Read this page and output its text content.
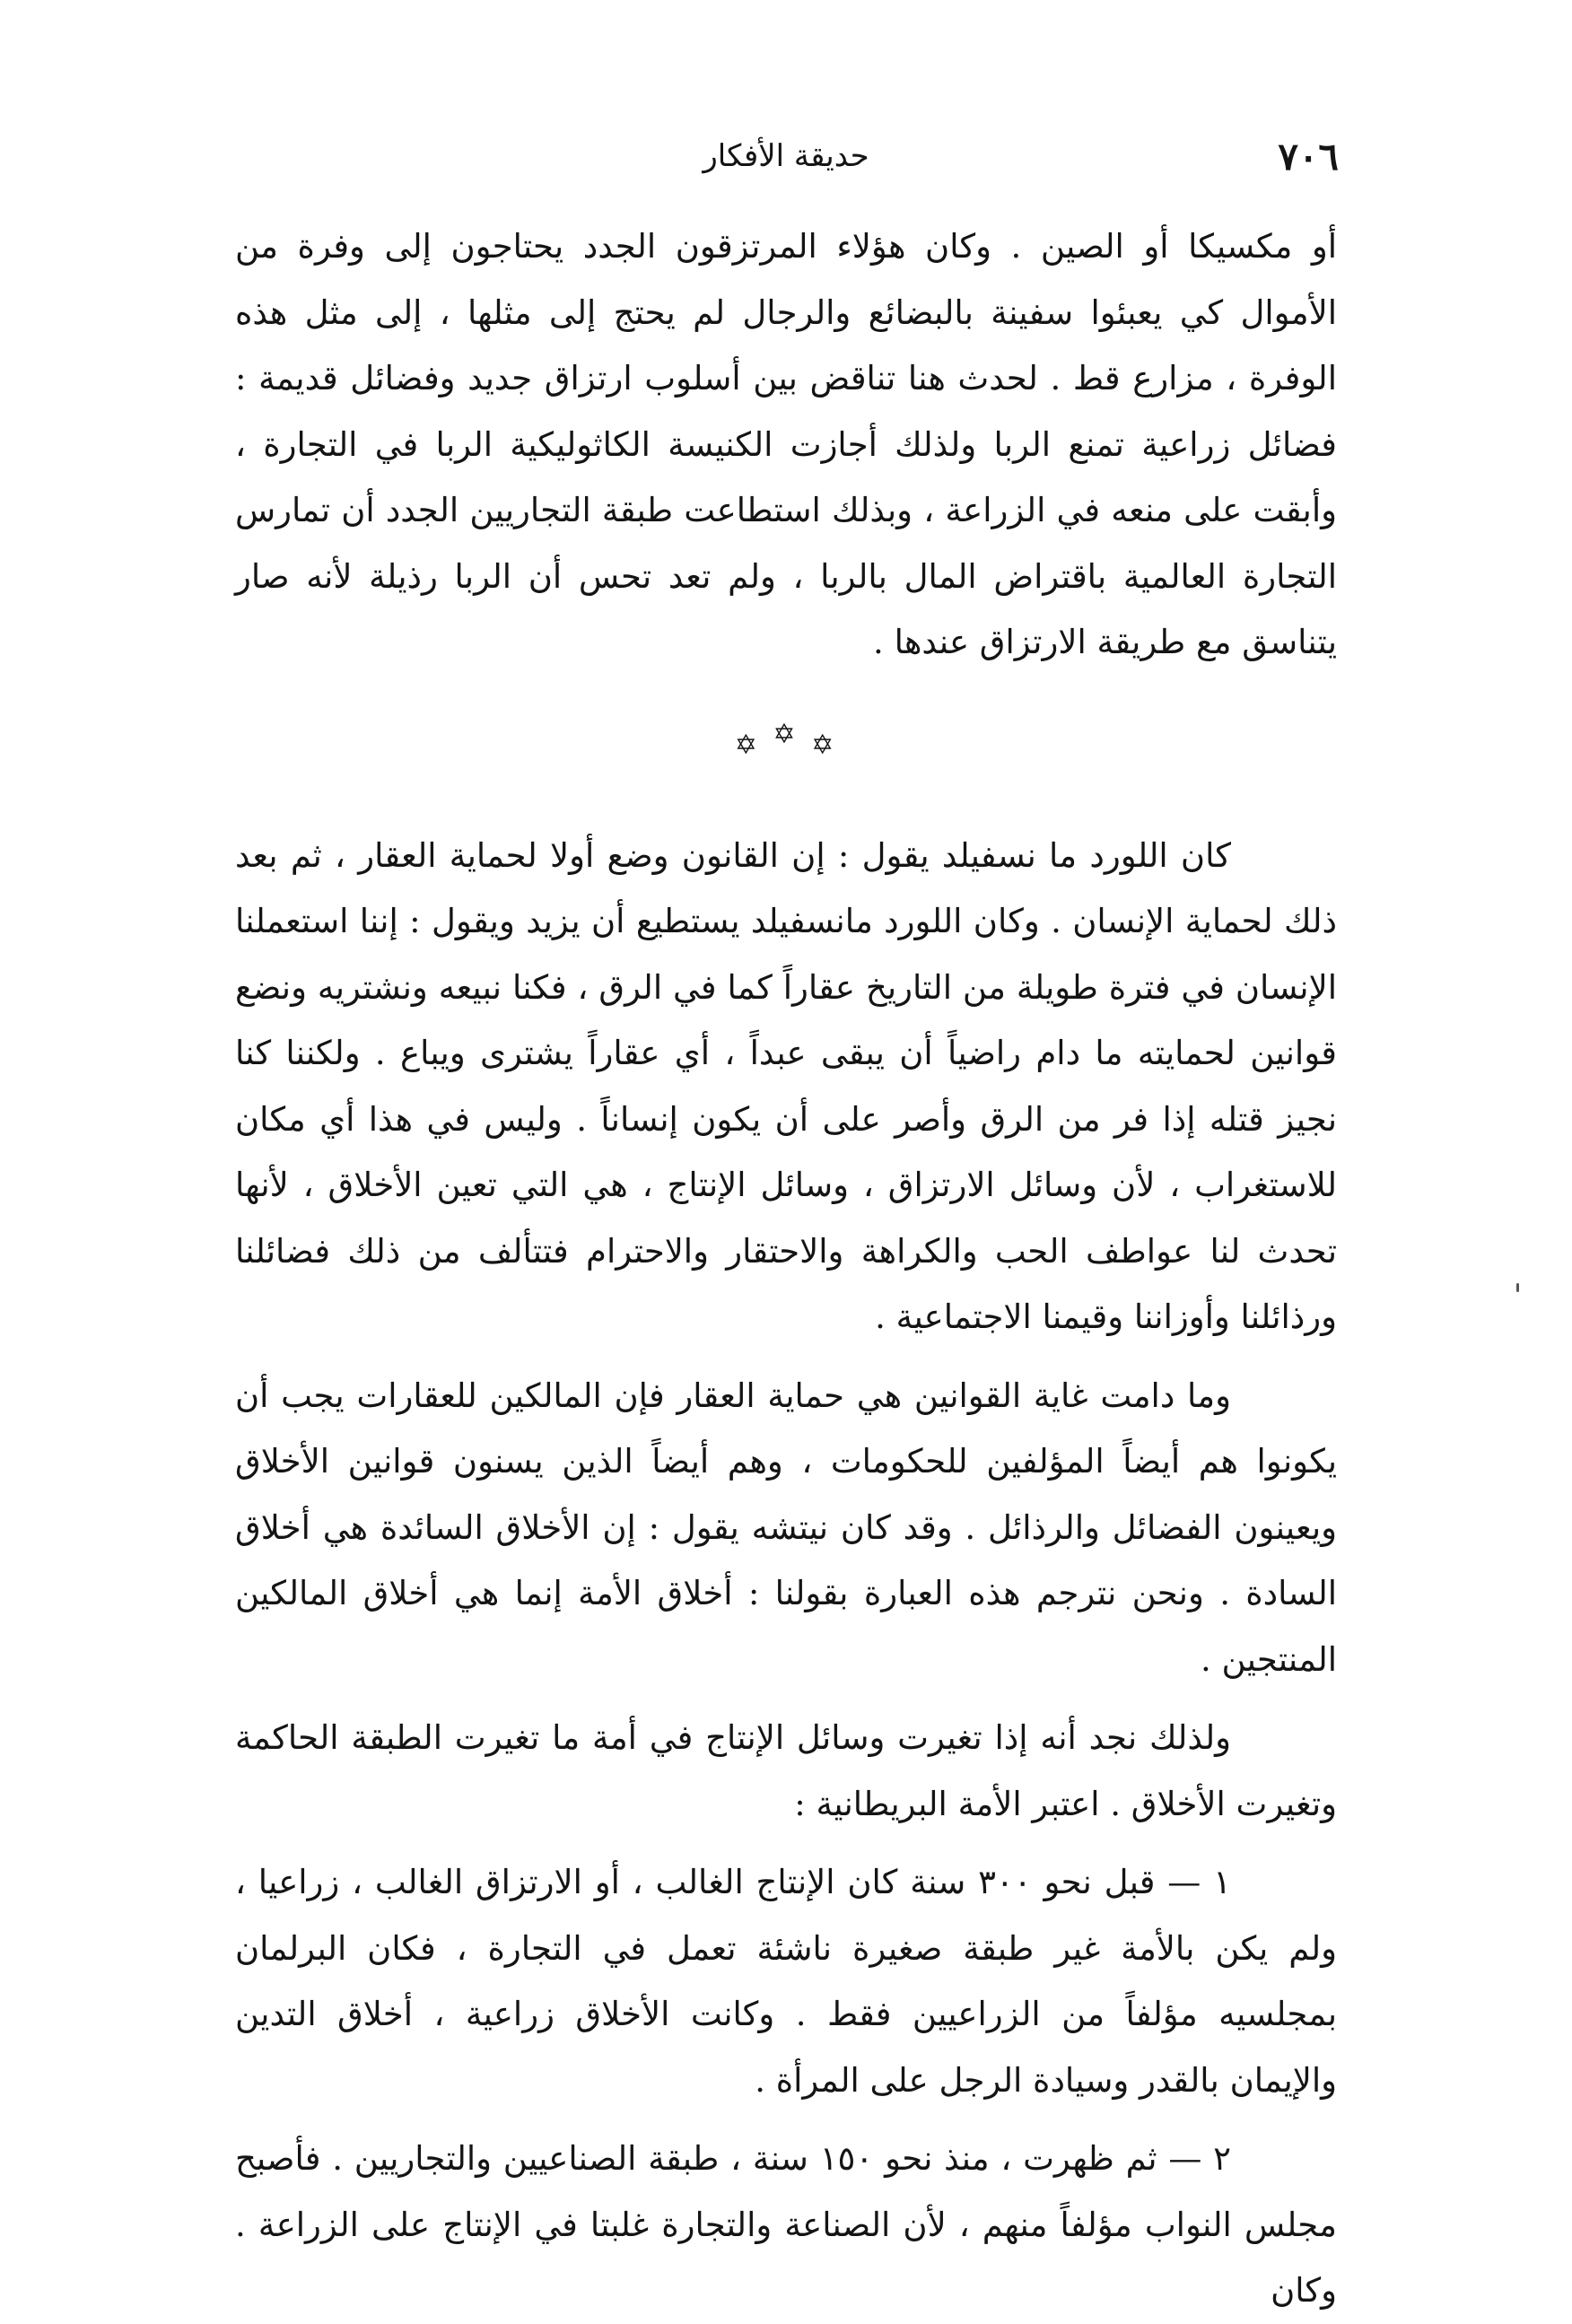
٧٠٦
حديقة الأفكار

أو مكسيكا أو الصين . وكان هؤلاء المرتزقون الجدد يحتاجون إلى وفرة من الأموال كي يعبئوا سفينة بالبضائع والرجال لم يحتج إلى مثلها ، إلى مثل هذه الوفرة ، مزارع قط . لحدث هنا تناقض بين أسلوب ارتزاق جديد وفضائل قديمة : فضائل زراعية تمنع الربا ولذلك أجازت الكنيسة الكاثوليكية الربا في التجارة ، وأبقت على منعه في الزراعة ، وبذلك استطاعت طبقة التجاريين الجدد أن تمارس التجارة العالمية باقتراض المال بالربا ، ولم تعد تحس أن الربا رذيلة لأنه صار يتناسق مع طريقة الارتزاق عندها .

✡ ✡ ✡

كان اللورد ما نسفيلد يقول : إن القانون وضع أولا لحماية العقار ، ثم بعد ذلك لحماية الإنسان . وكان اللورد مانسفيلد يستطيع أن يزيد ويقول : إننا استعملنا الإنسان في فترة طويلة من التاريخ عقاراً كما في الرق ، فكنا نبيعه ونشتريه ونضع قوانين لحمايته ما دام راضياً أن يبقى عبداً ، أي عقاراً يشترى ويباع . ولكننا كنا نجيز قتله إذا فر من الرق وأصر على أن يكون إنساناً . وليس في هذا أي مكان للاستغراب ، لأن وسائل الارتزاق ، وسائل الإنتاج ، هي التي تعين الأخلاق ، لأنها تحدث لنا عواطف الحب والكراهة والاحتقار والاحترام فتتألف من ذلك فضائلنا ورذائلنا وأوزاننا وقيمنا الاجتماعية .

وما دامت غاية القوانين هي حماية العقار فإن المالكين للعقارات يجب أن يكونوا هم أيضاً المؤلفين للحكومات ، وهم أيضاً الذين يسنون قوانين الأخلاق ويعينون الفضائل والرذائل . وقد كان نيتشه يقول : إن الأخلاق السائدة هي أخلاق السادة . ونحن نترجم هذه العبارة بقولنا : أخلاق الأمة إنما هي أخلاق المالكين المنتجين .

ولذلك نجد أنه إذا تغيرت وسائل الإنتاج في أمة ما تغيرت الطبقة الحاكمة وتغيرت الأخلاق . اعتبر الأمة البريطانية :

١ — قبل نحو ٣٠٠ سنة كان الإنتاج الغالب ، أو الارتزاق الغالب ، زراعيا ، ولم يكن بالأمة غير طبقة صغيرة ناشئة تعمل في التجارة ، فكان البرلمان بمجلسيه مؤلفاً من الزراعيين فقط . وكانت الأخلاق زراعية ، أخلاق التدين والإيمان بالقدر وسيادة الرجل على المرأة .

٢ — ثم ظهرت ، منذ نحو ١٥٠ سنة ، طبقة الصناعيين والتجاريين . فأصبح مجلس النواب مؤلفاً منهم ، لأن الصناعة والتجارة غلبتا في الإنتاج على الزراعة . وكان
